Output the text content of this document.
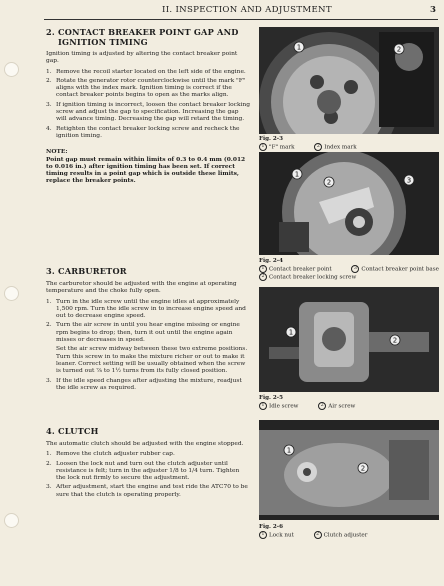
II. INSPECTION AND ADJUSTMENT	3
2. CONTACT BREAKER POINT GAP AND
IGNITION TIMING

Ignition timing is adjusted by altering the contact breaker point gap.

1. Remove the recoil starter located on the left side of the engine.
2. Rotate the generator rotor counterclockwise until the mark "F" aligns with the index mark. Ignition timing is correct if the contact breaker points begins to open as the marks align.
3. If ignition timing is incorrect, loosen the contact breaker locking screw and adjust the gap to specification. Increasing the gap will advance timing. Decreasing the gap will retard the timing.
4. Retighten the contact breaker locking screw and recheck the ignition timing.
NOTE:

Point gap must remain within limits of 0.3 to 0.4 mm (0.012 to 0.016 in.) after ignition timing has been set. If correct timing results in a point gap which is outside these limits, replace the breaker points.

3. CARBURETOR

The carburetor should be adjusted with the engine at operating temperature and the choke fully open.

1. Turn in the idle screw until the engine idles at approximately 1,500 rpm. Turn the idle screw in to increase engine speed and out to decrease engine speed.
2. Turn the air screw in until you hear engine missing or engine rpm begins to drop; then, turn it out until the engine again misses or decreases in speed.
Set the air screw midway between these two extreme positions. Turn this screw in to make the mixture richer or out to make it leaner. Correct setting will be usually obtained when the screw is turned out ⅞ to 1½ turns from its fully closed position.
3. If the idle speed changes after adjusting the mixture, readjust the idle screw as required.
4. CLUTCH

The automatic clutch should be adjusted with the engine stopped.

1. Remove the clutch adjuster rubber cap.
2. Loosen the lock nut and turn out the clutch adjuster until resistance is felt; turn in the adjuster 1/8 to 1/4 turn. Tighten the lock nut firmly to secure the adjustment.
3. After adjustment, start the engine and test ride the ATC70 to be sure that the clutch is operating properly.
1	2
Fig. 2-3
1 "F" mark	2 Index mark
1
2	3
Fig. 2-4
1 Contact breaker point	3 Contact breaker point base
2 Contact breaker locking screw
1
2
Fig. 2-5
1 Idle screw	2 Air screw
1
2
Fig. 2-6
1 Lock nut	2 Clutch adjuster
